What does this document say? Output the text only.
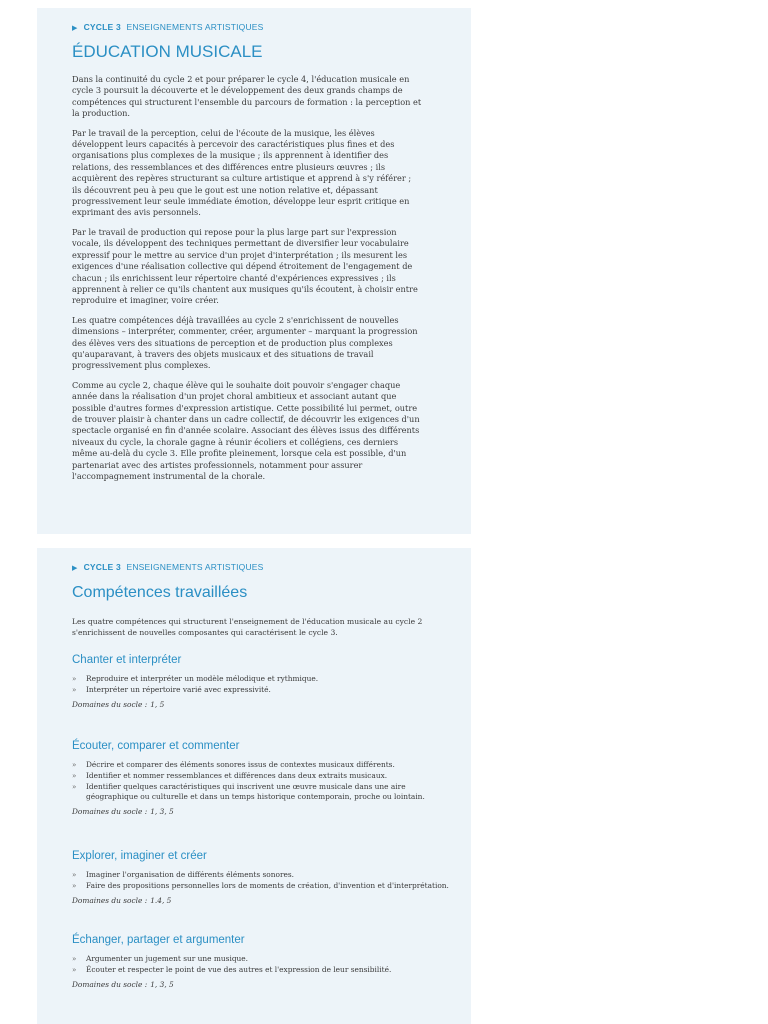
▶ CYCLE 3 ENSEIGNEMENTS ARTISTIQUES
ÉDUCATION MUSICALE

Dans la continuité du cycle 2 et pour préparer le cycle 4, l'éducation musicale en cycle 3 poursuit la découverte et le développement des deux grands champs de compétences qui structurent l'ensemble du parcours de formation : la perception et la production.

Par le travail de la perception, celui de l'écoute de la musique, les élèves développent leurs capacités à percevoir des caractéristiques plus fines et des organisations plus complexes de la musique ; ils apprennent à identifier des relations, des ressemblances et des différences entre plusieurs œuvres ; ils acquièrent des repères structurant sa culture artistique et apprend à s'y référer ; ils découvrent peu à peu que le gout est une notion relative et, dépassant progressivement leur seule immédiate émotion, développe leur esprit critique en exprimant des avis personnels.

Par le travail de production qui repose pour la plus large part sur l'expression vocale, ils développent des techniques permettant de diversifier leur vocabulaire expressif pour le mettre au service d'un projet d'interprétation ; ils mesurent les exigences d'une réalisation collective qui dépend étroitement de l'engagement de chacun ; ils enrichissent leur répertoire chanté d'expériences expressives ; ils apprennent à relier ce qu'ils chantent aux musiques qu'ils écoutent, à choisir entre reproduire et imaginer, voire créer.

Les quatre compétences déjà travaillées au cycle 2 s'enrichissent de nouvelles dimensions – interpréter, commenter, créer, argumenter – marquant la progression des élèves vers des situations de perception et de production plus complexes qu'auparavant, à travers des objets musicaux et des situations de travail progressivement plus complexes.

Comme au cycle 2, chaque élève qui le souhaite doit pouvoir s'engager chaque année dans la réalisation d'un projet choral ambitieux et associant autant que possible d'autres formes d'expression artistique. Cette possibilité lui permet, outre de trouver plaisir à chanter dans un cadre collectif, de découvrir les exigences d'un spectacle organisé en fin d'année scolaire. Associant des élèves issus des différents niveaux du cycle, la chorale gagne à réunir écoliers et collégiens, ces derniers même au-delà du cycle 3. Elle profite pleinement, lorsque cela est possible, d'un partenariat avec des artistes professionnels, notamment pour assurer l'accompagnement instrumental de la chorale.

▶ CYCLE 3 ENSEIGNEMENTS ARTISTIQUES
Compétences travaillées

Les quatre compétences qui structurent l'enseignement de l'éducation musicale au cycle 2 s'enrichissent de nouvelles composantes qui caractérisent le cycle 3.

Chanter et interpréter
» Reproduire et interpréter un modèle mélodique et rythmique.
» Interpréter un répertoire varié avec expressivité.
Domaines du socle : 1, 5
Écouter, comparer et commenter
» Décrire et comparer des éléments sonores issus de contextes musicaux différents.
» Identifier et nommer ressemblances et différences dans deux extraits musicaux.
» Identifier quelques caractéristiques qui inscrivent une œuvre musicale dans une aire géographique ou culturelle et dans un temps historique contemporain, proche ou lointain.
Domaines du socle : 1, 3, 5
Explorer, imaginer et créer
» Imaginer l'organisation de différents éléments sonores.
» Faire des propositions personnelles lors de moments de création, d'invention et d'interprétation.
Domaines du socle : 1.4, 5
Échanger, partager et argumenter
» Argumenter un jugement sur une musique.
» Écouter et respecter le point de vue des autres et l'expression de leur sensibilité.
Domaines du socle : 1, 3, 5
